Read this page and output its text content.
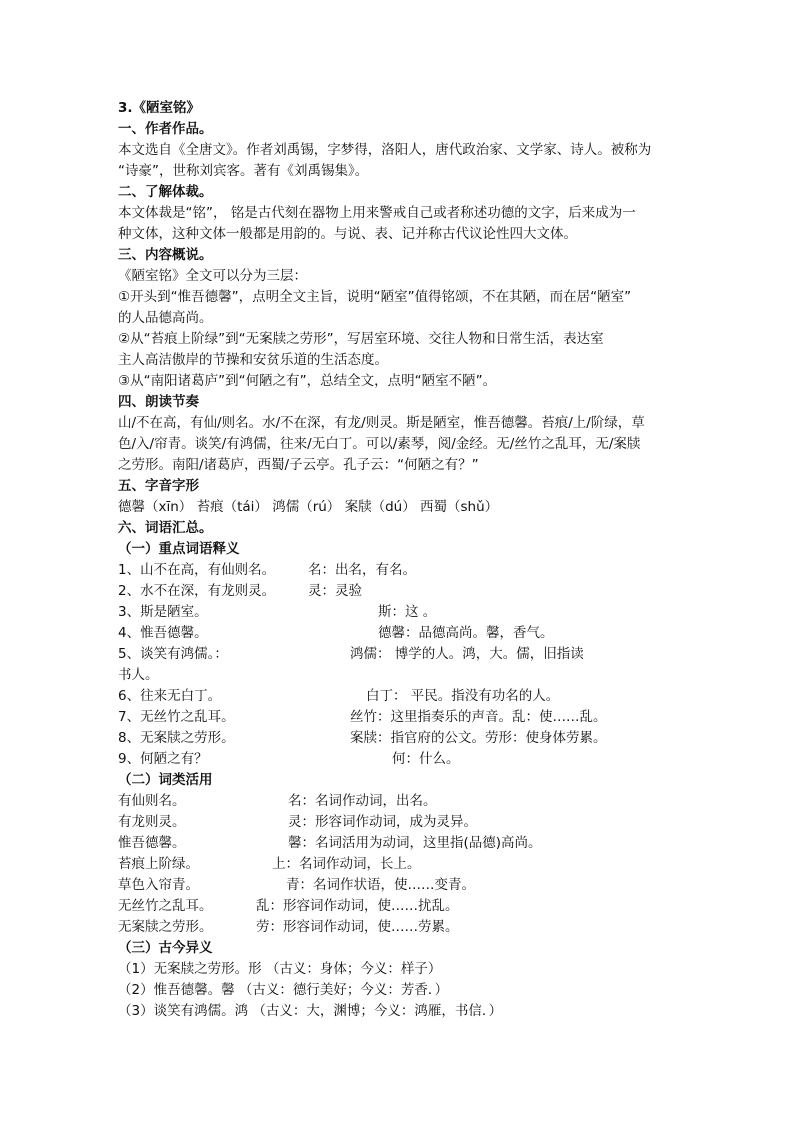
3.《陋室铭》
一、作者作品。
本文选自《全唐文》。作者刘禹锡，字梦得，洛阳人，唐代政治家、文学家、诗人。被称为
“诗豪”，世称刘宾客。著有《刘禹锡集》。
二、了解体裁。
本文体裁是“铭”， 铭是古代刻在器物上用来警戒自己或者称述功德的文字，后来成为一
种文体，这种文体一般都是用韵的。与说、表、记并称古代议论性四大文体。
三、内容概说。
《陋室铭》全文可以分为三层：
①开头到“惟吾德馨”，点明全文主旨，说明“陋室”值得铭颂，不在其陋，而在居“陋室”
的人品德高尚。
②从“苔痕上阶绿”到“无案牍之劳形”，写居室环境、交往人物和日常生活，表达室
主人高洁傲岸的节操和安贫乐道的生活态度。
③从“南阳诸葛庐”到“何陋之有”，总结全文，点明“陋室不陋”。
四、朗读节奏
山/不在高，有仙/则名。水/不在深，有龙/则灵。斯是陋室，惟吾德馨。苔痕/上/阶绿，草
色/入/帘青。谈笑/有鸿儒，往来/无白丁。可以/素琴，阅/金经。无/丝竹之乱耳，无/案牍
之劳形。南阳/诸葛庐，西蜀/子云亭。孔子云：“何陋之有？”
五、字音字形
德馨（xīn） 苔痕（tái） 鸿儒（rú） 案牍（dú） 西蜀（shǔ）
六、词语汇总。
（一）重点词语释义
1、山不在高，有仙则名。 名：出名，有名。
2、水不在深，有龙则灵。 灵：灵验
3、斯是陋室。	斯：这 。
4、惟吾德馨。	德馨：品德高尚。馨，香气。
5、谈笑有鸿儒。：	鸿儒： 博学的人。鸿，大。儒，旧指读
书人。
6、往来无白丁。	白丁： 平民。指没有功名的人。
7、无丝竹之乱耳。	丝竹：这里指奏乐的声音。乱：使……乱。
8、无案牍之劳形。	案牍：指官府的公文。劳形：使身体劳累。
9、何陋之有？	何：什么。
（二）词类活用
有仙则名。	名：名词作动词，出名。
有龙则灵。	灵：形容词作动词，成为灵异。
惟吾德馨。	馨：名词活用为动词，这里指(品德)高尚。
苔痕上阶绿。	上：名词作动词，长上。
草色入帘青。	青：名词作状语，使……变青。
无丝竹之乱耳。	乱：形容词作动词，使……扰乱。
无案牍之劳形。	劳：形容词作动词，使……劳累。
（三）古今异义
（1）无案牍之劳形。形 （古义：身体；今义：样子）
（2）惟吾德馨。馨 （古义：德行美好；今义：芳香．）
（3）谈笑有鸿儒。鸿 （古义：大，渊博；今义：鸿雁，书信．）
